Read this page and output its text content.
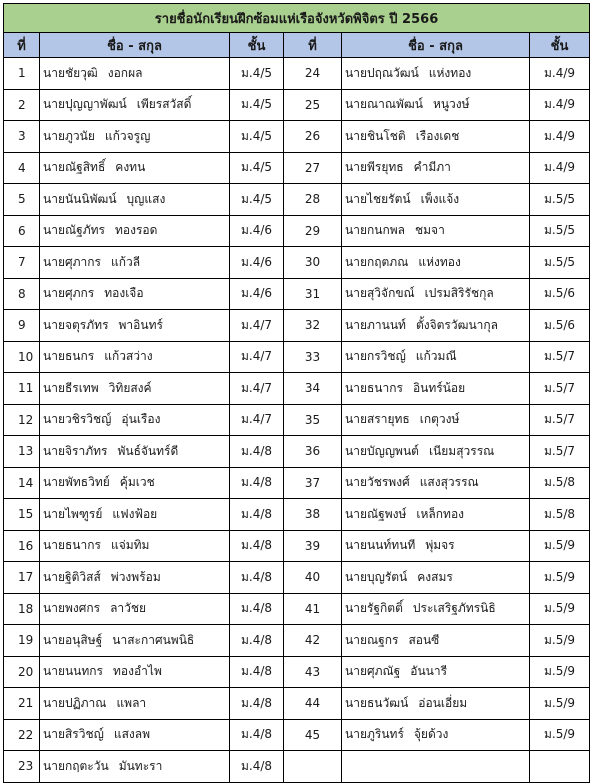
รายชื่อนักเรียนฝึกซ้อมแห่เรือจังหวัดพิจิตร ปี 2566					
ที่	ชื่อ - สกุล	ชั้น	ที่	ชื่อ - สกุล	ชั้น
1	นายชัยวุฒิ งอกผล	ม.4/5	24	นายปฤณวัฒน์ แห่งทอง	ม.4/9
2	นายปุญญาพัฒน์ เพียรสวัสดิ์	ม.4/5	25	นายณาณพัฒน์ หนูวงษ์	ม.4/9
3	นายภูวนัย แก้วจรูญ	ม.4/5	26	นายชินโชติ เรืองเดช	ม.4/9
4	นายณัฐสิทธิ์ คงทน	ม.4/5	27	นายพีรยุทธ คำมีภา	ม.4/9
5	นายนันนิพัฒน์ บุญแสง	ม.4/5	28	นายไชยรัตน์ เพ็งแจ้ง	ม.5/5
6	นายณัฐภัทร ทองรอด	ม.4/6	29	นายกนกพล ชมจา	ม.5/5
7	นายศุภากร แก้วลี	ม.4/6	30	นายกฤตภณ แห่งทอง	ม.5/5
8	นายศุภกร ทองเจือ	ม.4/6	31	นายสุวิจักขณ์ เปรมสิริรัชกุล	ม.5/6
9	นายจตุรภัทร พาอินทร์	ม.4/7	32	นายภานนท์ ตั้งจิตรวัฒนากุล	ม.5/6
10	นายธนกร แก้วสว่าง	ม.4/7	33	นายกรวิชญ์ แก้วมณี	ม.5/7
11	นายธีรเทพ วิทิยสงค์	ม.4/7	34	นายธนากร อินทร์น้อย	ม.5/7
12	นายวชิรวิชญ์ อุ่นเรือง	ม.4/7	35	นายสรายุทธ เกตุวงษ์	ม.5/7
13	นายจิราภัทร พันธ์จันทร์ดี	ม.4/8	36	นายบัญญพนต์ เนียมสุวรรณ	ม.5/7
14	นายพัทธวิทย์ คุ้มเวช	ม.4/8	37	นายวัชรพงศ์ แสงสุวรรณ	ม.5/8
15	นายไพฑูรย์ แฟงฟ้อย	ม.4/8	38	นายณัฐพงษ์ เหล็กทอง	ม.5/8
16	นายธนากร แจ่มทิม	ม.4/8	39	นายนนท์ทนที พุ่มจร	ม.5/9
17	นายฐิติวิสส์ พ่วงพร้อม	ม.4/8	40	นายบุญรัตน์ คงสมร	ม.5/9
18	นายพงศกร ลาวัชย	ม.4/8	41	นายรัฐกิตติ์ ประเสริฐภัทรนิธิ	ม.5/9
19	นายอนุสิษฐ์ นาสะกาศนพนิธิ	ม.4/8	42	นายณฐกร สอนซี	ม.5/9
20	นายนนทกร ทองอำไพ	ม.4/8	43	นายศุภณัฐ อันนารี	ม.5/9
21	นายปฏิภาณ แพลา	ม.4/8	44	นายธนวัฒน์ อ่อนเอี่ยม	ม.5/9
22	นายสิรวิชญ์ แสงลพ	ม.4/8	45	นายภูรินทร์ จุ้ยด้วง	ม.5/9
23	นายกฤตะวัน มันทะรา	ม.4/8			
